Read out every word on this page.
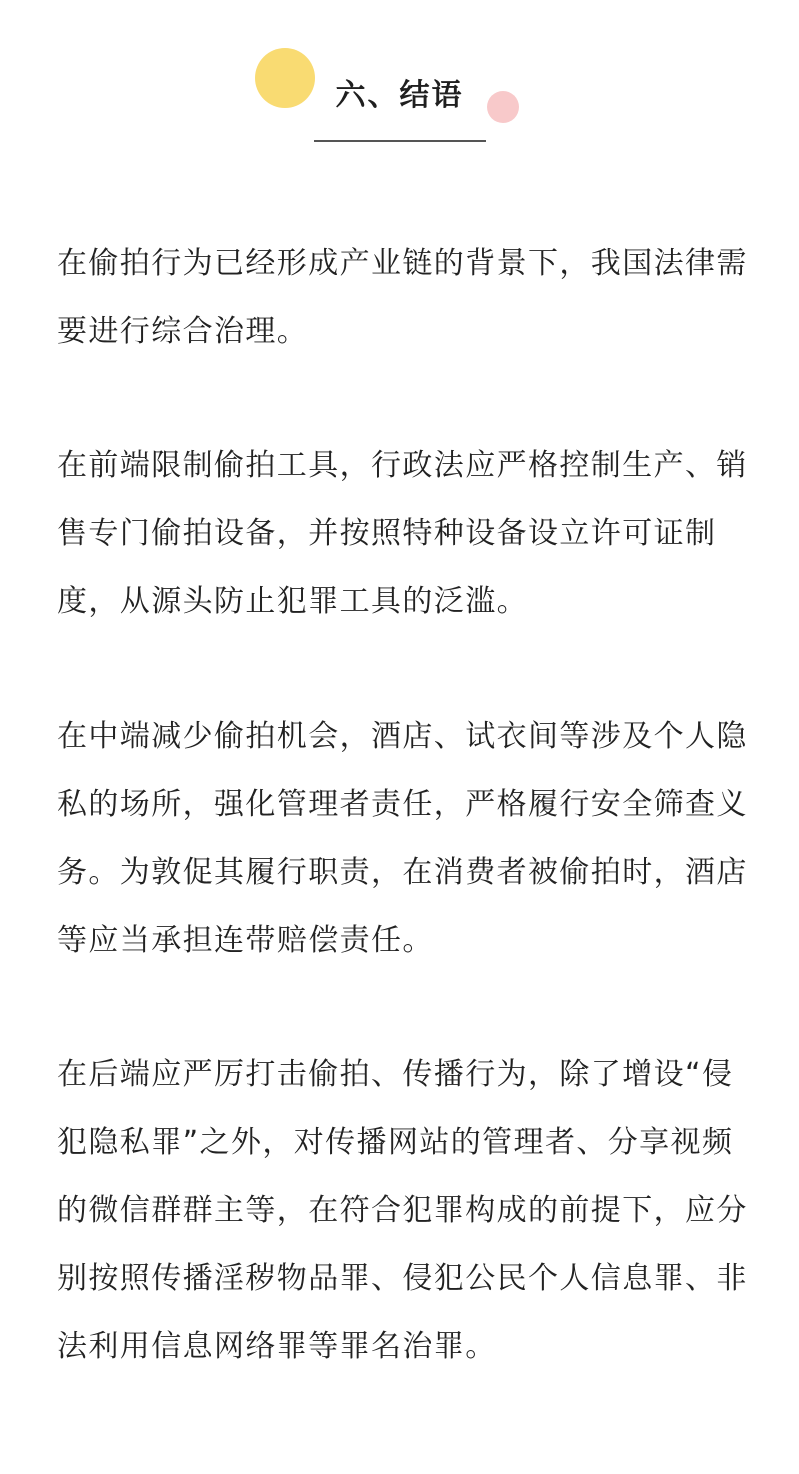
六、结语

在偷拍行为已经形成产业链的背景下，我国法律需要进行综合治理。

在前端限制偷拍工具，行政法应严格控制生产、销售专门偷拍设备，并按照特种设备设立许可证制度，从源头防止犯罪工具的泛滥。

在中端减少偷拍机会，酒店、试衣间等涉及个人隐私的场所，强化管理者责任，严格履行安全筛查义务。为敦促其履行职责，在消费者被偷拍时，酒店等应当承担连带赔偿责任。

在后端应严厉打击偷拍、传播行为，除了增设“侵犯隐私罪”之外，对传播网站的管理者、分享视频的微信群群主等，在符合犯罪构成的前提下，应分别按照传播淫秽物品罪、侵犯公民个人信息罪、非法利用信息网络罪等罪名治罪。
